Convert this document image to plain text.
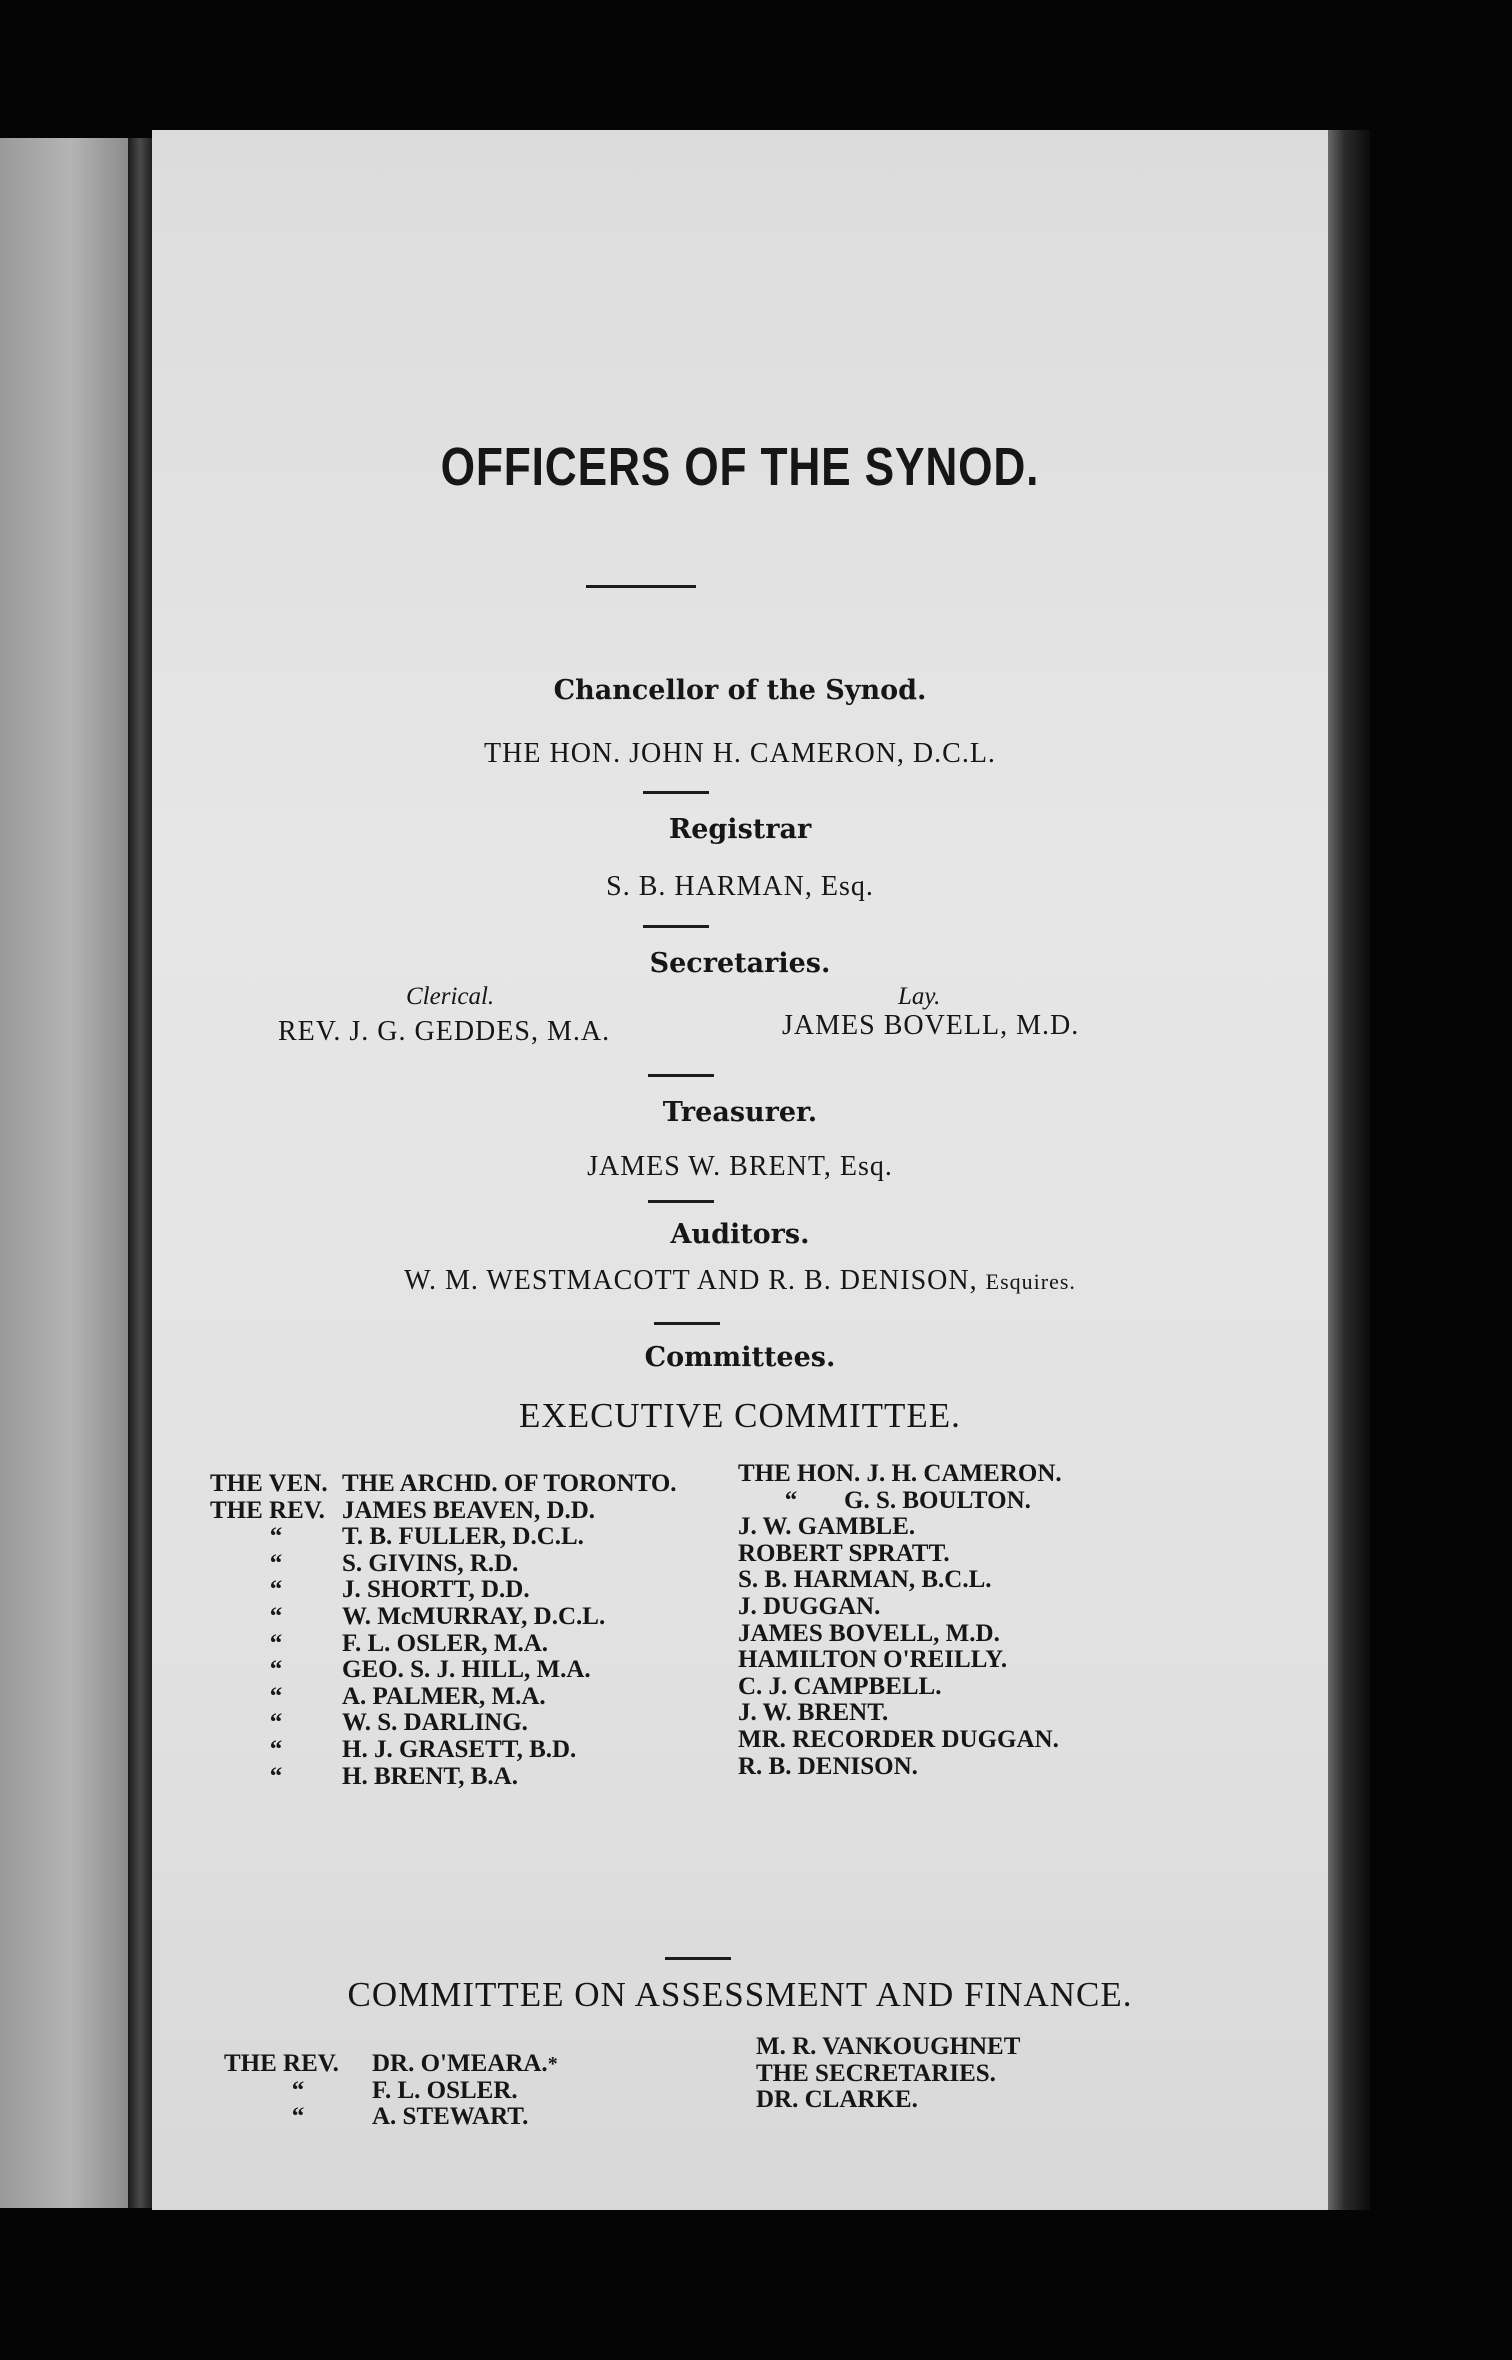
OFFICERS OF THE SYNOD.
Chancellor of the Synod.
THE HON. JOHN H. CAMERON, D.C.L.
Registrar
S. B. HARMAN, Esq.
Secretaries.
Clerical.	Lay.
REV. J. G. GEDDES, M.A.	JAMES BOVELL, M.D.
Treasurer.
JAMES W. BRENT, Esq.
Auditors.
W. M. WESTMACOTT AND R. B. DENISON, Esquires.
Committees.
EXECUTIVE COMMITTEE.
THE VEN. THE ARCHD. OF TORONTO.
THE REV. JAMES BEAVEN, D.D.
“ T. B. FULLER, D.C.L.
“ S. GIVINS, R.D.
“ J. SHORTT, D.D.
“ W. McMURRAY, D.C.L.
“ F. L. OSLER, M.A.
“ GEO. S. J. HILL, M.A.
“ A. PALMER, M.A.
“ W. S. DARLING.
“ H. J. GRASETT, B.D.
“ H. BRENT, B.A.
THE HON. J. H. CAMERON.
“ G. S. BOULTON.
J. W. GAMBLE.
ROBERT SPRATT.
S. B. HARMAN, B.C.L.
J. DUGGAN.
JAMES BOVELL, M.D.
HAMILTON O'REILLY.
C. J. CAMPBELL.
J. W. BRENT.
MR. RECORDER DUGGAN.
R. B. DENISON.
COMMITTEE ON ASSESSMENT AND FINANCE.
THE REV. DR. O'MEARA.*
“	F. L. OSLER.
“	A. STEWART.
M. R. VANKOUGHNET
THE SECRETARIES.
DR. CLARKE.
